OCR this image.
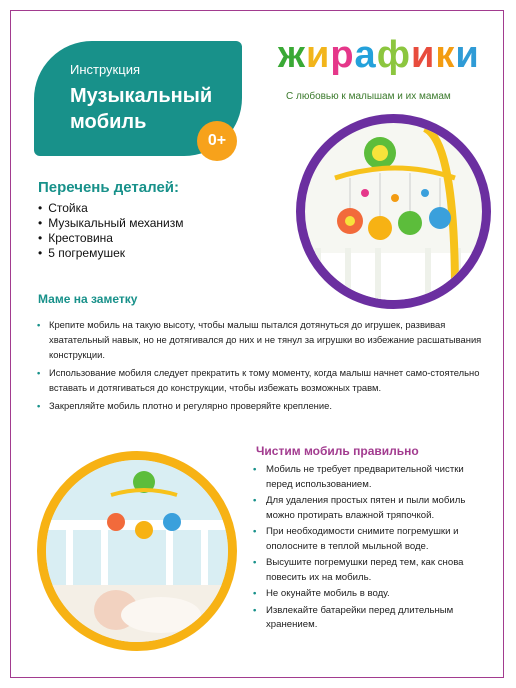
Инструкция
Музыкальный мобиль
0+
жирафики
С любовью к малышам и их мамам
Перечень деталей:
• Стойка
• Музыкальный механизм
• Крестовина
• 5 погремушек
Маме на заметку
• Крепите мобиль на такую высоту, чтобы малыш пытался дотянуться до игрушек, развивая хватательный навык, но не дотягивался до них и не тянул за игрушки во избежание расшатывания конструкции.
• Использование мобиля следует прекратить к тому моменту, когда малыш начнет само-стоятельно вставать и дотягиваться до конструкции, чтобы избежать возможных травм.
• Закрепляйте мобиль плотно и регулярно проверяйте крепление.
Чистим мобиль правильно
• Мобиль не требует предварительной чистки перед использованием.
• Для удаления простых пятен и пыли мобиль можно протирать влажной тряпочкой.
• При необходимости снимите погремушки и ополосните в теплой мыльной воде.
• Высушите погремушки перед тем, как снова повесить их на мобиль.
• Не окунайте мобиль в воду.
• Извлекайте батарейки перед длительным хранением.
